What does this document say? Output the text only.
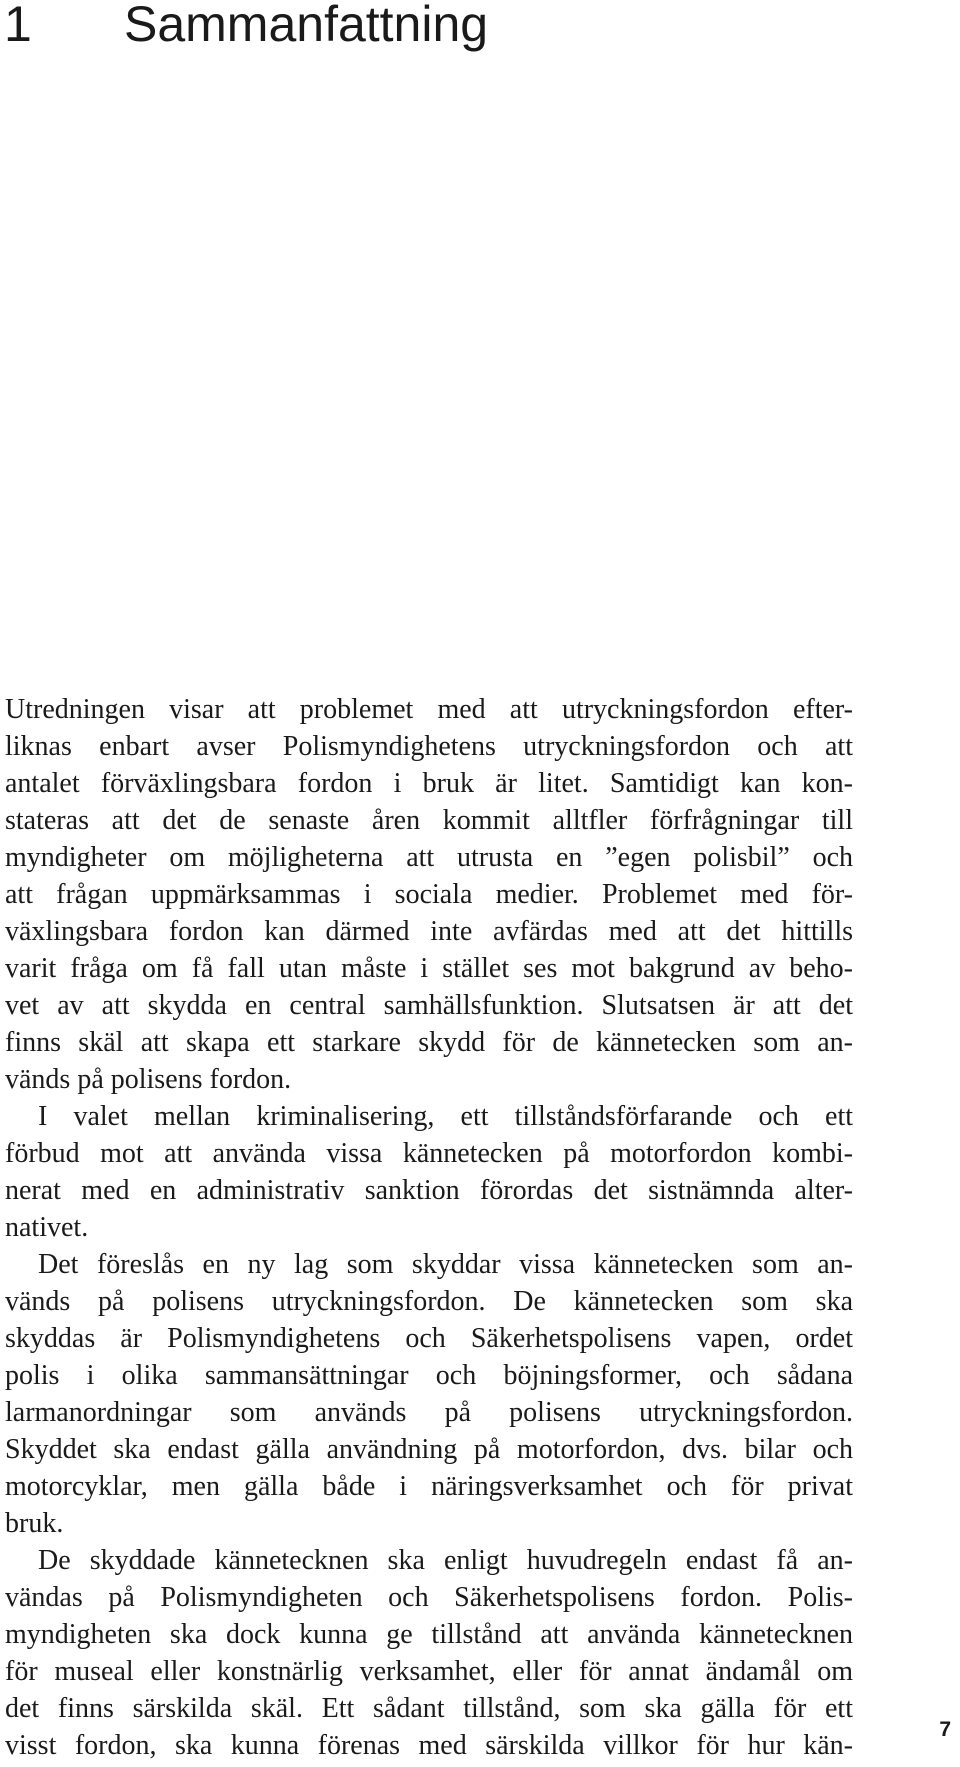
1 Sammanfattning
Utredningen visar att problemet med att utryckningsfordon efter-
liknas enbart avser Polismyndighetens utryckningsfordon och att
antalet förväxlingsbara fordon i bruk är litet. Samtidigt kan kon-
stateras att det de senaste åren kommit alltfler förfrågningar till
myndigheter om möjligheterna att utrusta en ”egen polisbil” och
att frågan uppmärksammas i sociala medier. Problemet med för-
växlingsbara fordon kan därmed inte avfärdas med att det hittills
varit fråga om få fall utan måste i stället ses mot bakgrund av beho-
vet av att skydda en central samhällsfunktion. Slutsatsen är att det
finns skäl att skapa ett starkare skydd för de kännetecken som an-
vänds på polisens fordon.
I valet mellan kriminalisering, ett tillståndsförfarande och ett
förbud mot att använda vissa kännetecken på motorfordon kombi-
nerat med en administrativ sanktion förordas det sistnämnda alter-
nativet.
Det föreslås en ny lag som skyddar vissa kännetecken som an-
vänds på polisens utryckningsfordon. De kännetecken som ska
skyddas är Polismyndighetens och Säkerhetspolisens vapen, ordet
polis i olika sammansättningar och böjningsformer, och sådana
larmanordningar som används på polisens utryckningsfordon.
Skyddet ska endast gälla användning på motorfordon, dvs. bilar och
motorcyklar, men gälla både i näringsverksamhet och för privat
bruk.
De skyddade kännetecknen ska enligt huvudregeln endast få an-
vändas på Polismyndigheten och Säkerhetspolisens fordon. Polis-
myndigheten ska dock kunna ge tillstånd att använda kännetecknen
för museal eller konstnärlig verksamhet, eller för annat ändamål om
det finns särskilda skäl. Ett sådant tillstånd, som ska gälla för ett
visst fordon, ska kunna förenas med särskilda villkor för hur kän-
7
